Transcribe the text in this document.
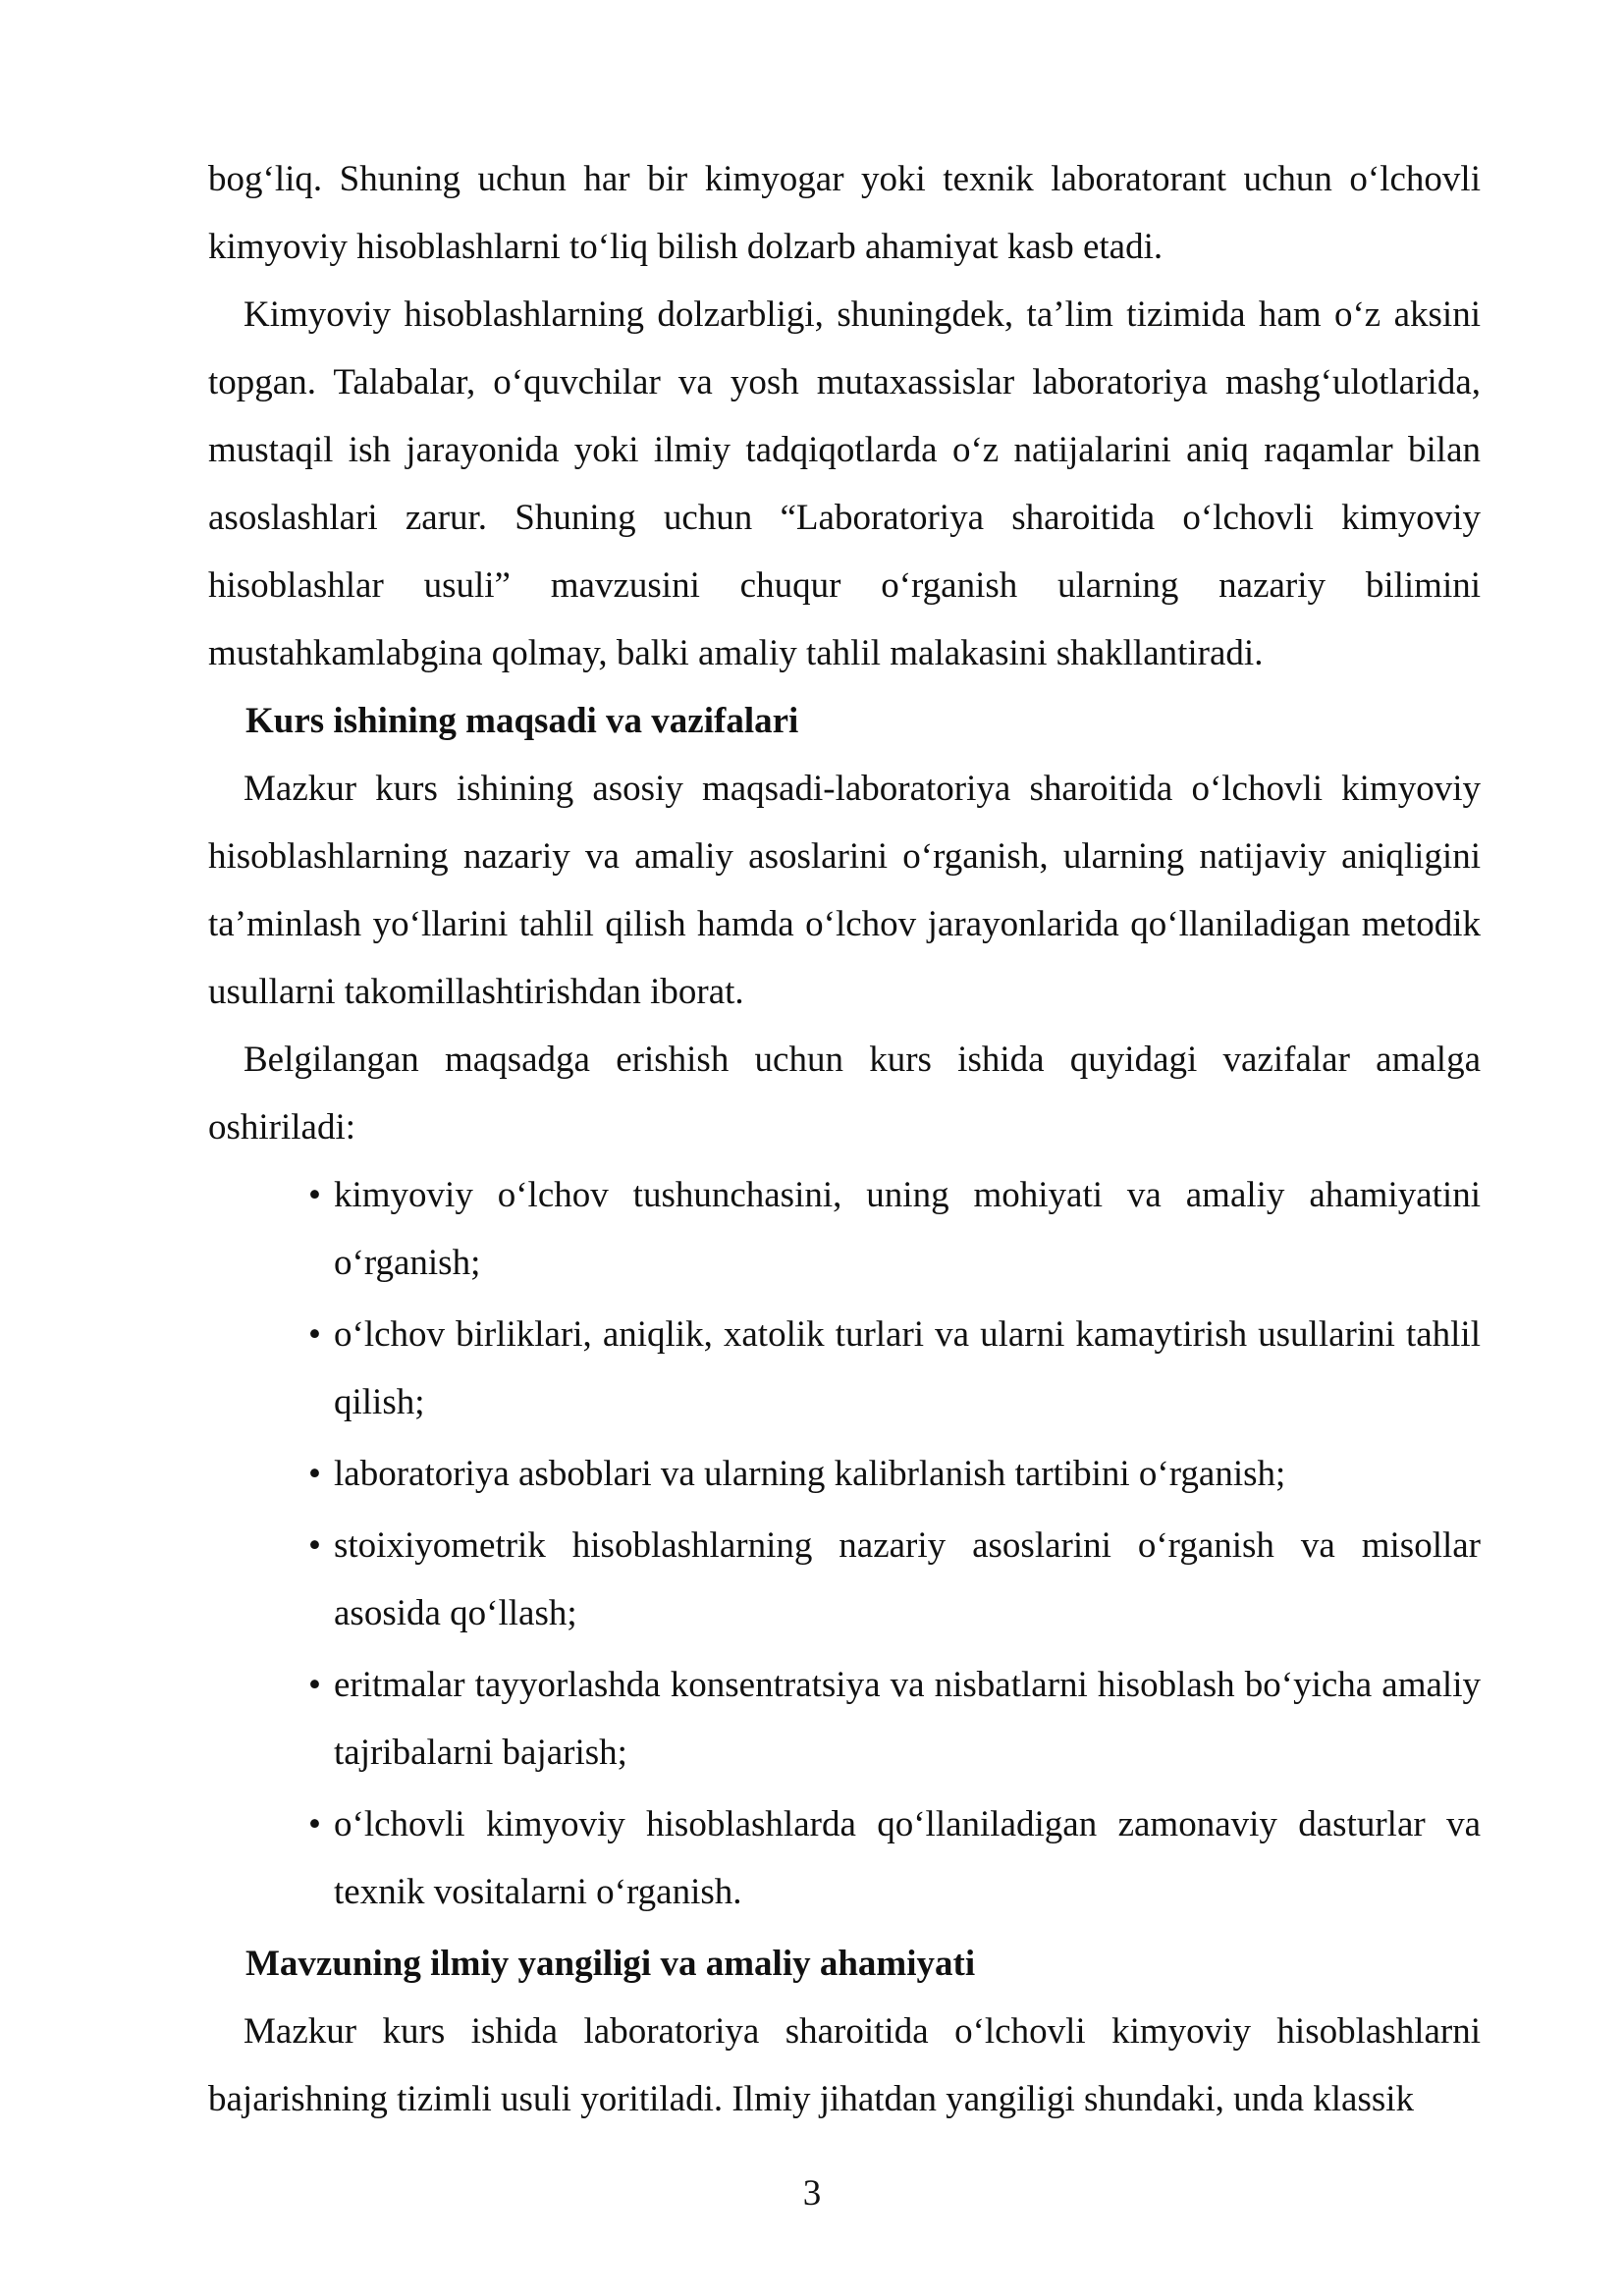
bog‘liq. Shuning uchun har bir kimyogar yoki texnik laboratorant uchun o‘lchovli kimyoviy hisoblashlarni to‘liq bilish dolzarb ahamiyat kasb etadi.

Kimyoviy hisoblashlarning dolzarbligi, shuningdek, ta’lim tizimida ham o‘z aksini topgan. Talabalar, o‘quvchilar va yosh mutaxassislar laboratoriya mashg‘ulotlarida, mustaqil ish jarayonida yoki ilmiy tadqiqotlarda o‘z natijalarini aniq raqamlar bilan asoslashlari zarur. Shuning uchun “Laboratoriya sharoitida o‘lchovli kimyoviy hisoblashlar usuli” mavzusini chuqur o‘rganish ularning nazariy bilimini mustahkamlabgina qolmay, balki amaliy tahlil malakasini shakllantiradi.

Kurs ishining maqsadi va vazifalari

Mazkur kurs ishining asosiy maqsadi-laboratoriya sharoitida o‘lchovli kimyoviy hisoblashlarning nazariy va amaliy asoslarini o‘rganish, ularning natijaviy aniqligini ta’minlash yo‘llarini tahlil qilish hamda o‘lchov jarayonlarida qo‘llaniladigan metodik usullarni takomillashtirishdan iborat.

Belgilangan maqsadga erishish uchun kurs ishida quyidagi vazifalar amalga oshiriladi:

• kimyoviy o‘lchov tushunchasini, uning mohiyati va amaliy ahamiyatini o‘rganish;
• o‘lchov birliklari, aniqlik, xatolik turlari va ularni kamaytirish usullarini tahlil qilish;
• laboratoriya asboblari va ularning kalibrlanish tartibini o‘rganish;
• stoixiyometrik hisoblashlarning nazariy asoslarini o‘rganish va misollar asosida qo‘llash;
• eritmalar tayyorlashda konsentratsiya va nisbatlarni hisoblash bo‘yicha amaliy tajribalarni bajarish;
• o‘lchovli kimyoviy hisoblashlarda qo‘llaniladigan zamonaviy dasturlar va texnik vositalarni o‘rganish.

Mavzuning ilmiy yangiligi va amaliy ahamiyati

Mazkur kurs ishida laboratoriya sharoitida o‘lchovli kimyoviy hisoblashlarni bajarishning tizimli usuli yoritiladi. Ilmiy jihatdan yangiligi shundaki, unda klassik

3
